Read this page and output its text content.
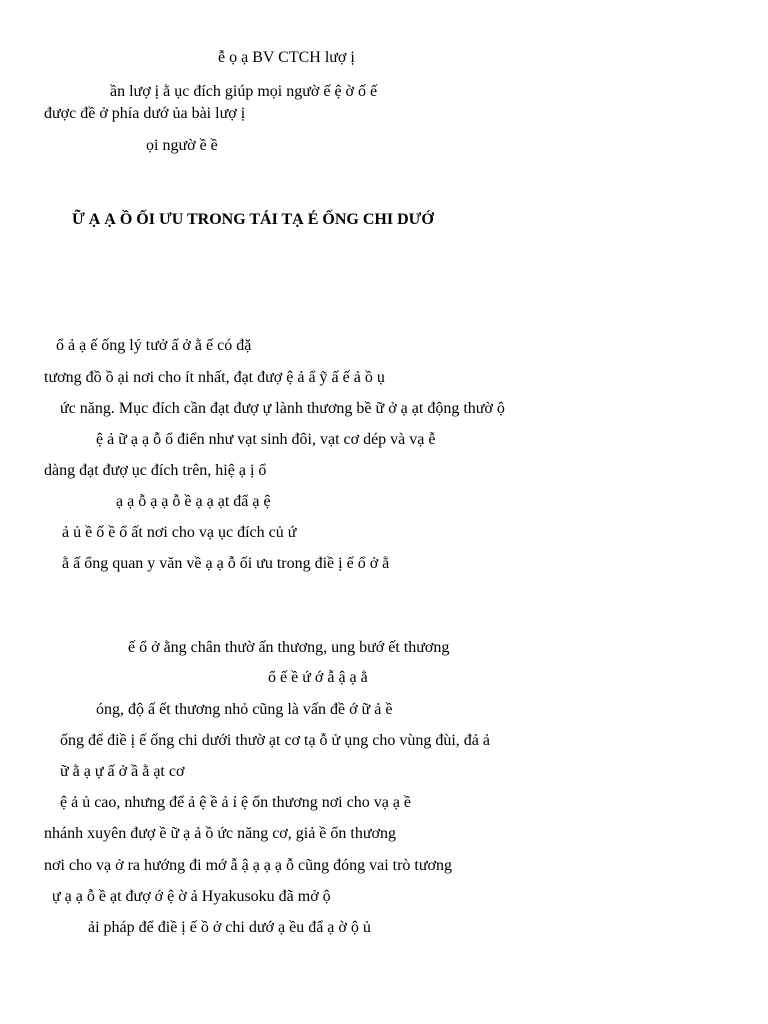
ễ ọ ạ BV CTCH lượ ị

ần lượ ị ằ ục đích giúp mọi ngườ ế ệ ờ ố ế

được đề ở phía dướ ủa bài lượ ị

ọi ngườ ề ề

Ữ Ạ Ạ Ồ ỐI ƯU TRONG TÁI TẠ É ỐNG CHI DƯỚ

ổ ả ạ ế ống lý tưở ấ ở ằ ế có đặ

tương đồ ồ ại nơi cho ít nhất, đạt đượ ệ ả ẩ ỹ ấ ế ả ồ ụ

ức năng. Mục đích cần đạt đượ ự lành thương bề ữ ở ạ ạt động thườ ộ

ệ ả ữ ạ ạ ỗ ổ điển như vạt sinh đôi, vạt cơ dép và vạ ễ

dàng đạt đượ ục đích trên, hiệ ạ ị ổ

ạ ạ ỗ ạ ạ ỗ ề ạ ạ ạt đẩ ạ ệ

ả ủ ề ố ề ổ ất nơi cho vạ ục đích củ ứ

ằ ấ ổng quan y văn về ạ ạ ỗ ối ưu trong điề ị ế ổ ở ằ

ế ổ ở ằng chân thườ ấn thương, ung bướ ết thương

ổ ế ề ứ ớ ẫ ậ ạ ằ

óng, độ ấ ết thương nhỏ cũng là vấn đề ớ ữ ả ề

ống để điề ị ế ống chi dưới thườ ạt cơ tạ ỗ ử ụng cho vùng đùi, đả ả

ữ ằ ạ ự ấ ở ầ ằ ạt cơ

ệ ả ủ cao, nhưng để ả ệ ề ả ỉ ệ ổn thương nơi cho vạ ạ ề

nhánh xuyên đượ ề ữ ạ ả ồ ức năng cơ, giả ề ổn thương

nơi cho vạ ở ra hướng đi mớ ẫ ậ ạ ạ ạ ỗ cũng đóng vai trò tương

ự ạ ạ ỗ ề ạt đượ ớ ệ ờ ả Hyakusoku đã mở ộ

ải pháp để điề ị ế ồ ở chi dướ ạ ều đẩ ạ ờ ộ ủ
